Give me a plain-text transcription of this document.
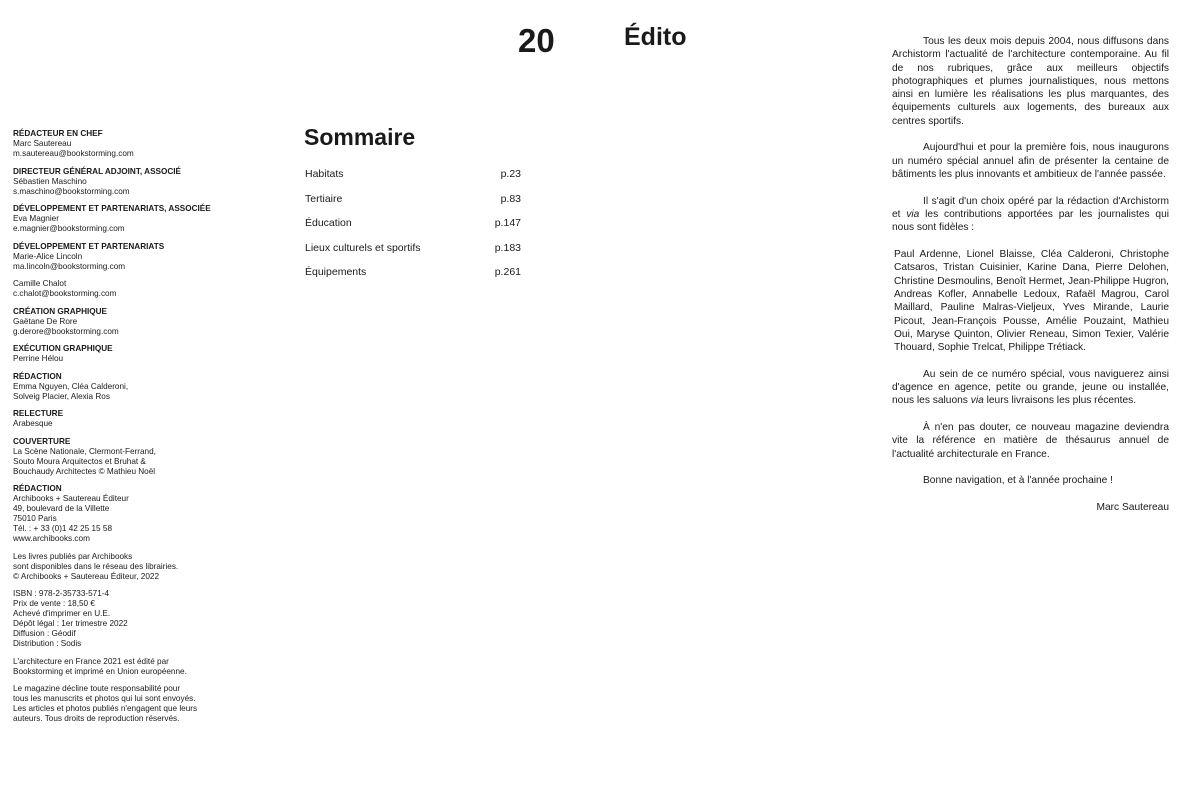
20	Édito
RÉDACTEUR EN CHEF
Marc Sautereau
m.sautereau@bookstorming.com
DIRECTEUR GÉNÉRAL ADJOINT, ASSOCIÉ
Sébastien Maschino
s.maschino@bookstorming.com
DÉVELOPPEMENT ET PARTENARIATS, ASSOCIÉE
Eva Magnier
e.magnier@bookstorming.com
DÉVELOPPEMENT ET PARTENARIATS
Marie-Alice Lincoln
ma.lincoln@bookstorming.com
Camille Chalot
c.chalot@bookstorming.com
CRÉATION GRAPHIQUE
Gaëtane De Rore
g.derore@bookstorming.com
EXÉCUTION GRAPHIQUE
Perrine Hélou
RÉDACTION
Emma Nguyen, Cléa Calderoni,
Solveig Placier, Alexia Ros
RELECTURE
Arabesque
COUVERTURE
La Scène Nationale, Clermont-Ferrand,
Souto Moura Arquitectos et Bruhat &
Bouchaudy Architectes © Mathieu Noël
RÉDACTION
Archibooks + Sautereau Éditeur
49, boulevard de la Villette
75010 Paris
Tél. : + 33 (0)1 42 25 15 58
www.archibooks.com
Les livres publiés par Archibooks
sont disponibles dans le réseau des librairies.
© Archibooks + Sautereau Éditeur, 2022
ISBN : 978-2-35733-571-4
Prix de vente : 18,50 €
Achevé d'imprimer en U.E.
Dépôt légal : 1er trimestre 2022
Diffusion : Géodif
Distribution : Sodis
L'architecture en France 2021 est édité par
Bookstorming et imprimé en Union européenne.
Le magazine décline toute responsabilité pour
tous les manuscrits et photos qui lui sont envoyés.
Les articles et photos publiés n'engagent que leurs
auteurs. Tous droits de reproduction réservés.
Sommaire
Habitats	p.23
Tertiaire	p.83
Éducation	p.147
Lieux culturels et sportifs	p.183
Équipements	p.261

Tous les deux mois depuis 2004, nous diffusons dans Archistorm l'actualité de l'architecture contemporaine. Au fil de nos rubriques, grâce aux meilleurs objectifs photographiques et plumes journalistiques, nous mettons ainsi en lumière les réalisations les plus marquantes, des équipements culturels aux logements, des bureaux aux centres sportifs.

Aujourd'hui et pour la première fois, nous inaugurons un numéro spécial annuel afin de présenter la centaine de bâtiments les plus innovants et ambitieux de l'année passée.

Il s'agit d'un choix opéré par la rédaction d'Archistorm et via les contributions apportées par les journalistes qui nous sont fidèles :

Paul Ardenne, Lionel Blaisse, Cléa Calderoni, Christophe Catsaros, Tristan Cuisinier, Karine Dana, Pierre Delohen, Christine Desmoulins, Benoît Hermet, Jean-Philippe Hugron, Andreas Kofler, Annabelle Ledoux, Rafaël Magrou, Carol Maillard, Pauline Malras-Vieljeux, Yves Mirande, Laurie Picout, Jean-François Pousse, Amélie Pouzaint, Mathieu Oui, Maryse Quinton, Olivier Reneau, Simon Texier, Valérie Thouard, Sophie Trelcat, Philippe Trétiack.

Au sein de ce numéro spécial, vous naviguerez ainsi d'agence en agence, petite ou grande, jeune ou installée, nous les saluons via leurs livraisons les plus récentes.

À n'en pas douter, ce nouveau magazine deviendra vite la référence en matière de thésaurus annuel de l'actualité architecturale en France.

Bonne navigation, et à l'année prochaine !

Marc Sautereau
